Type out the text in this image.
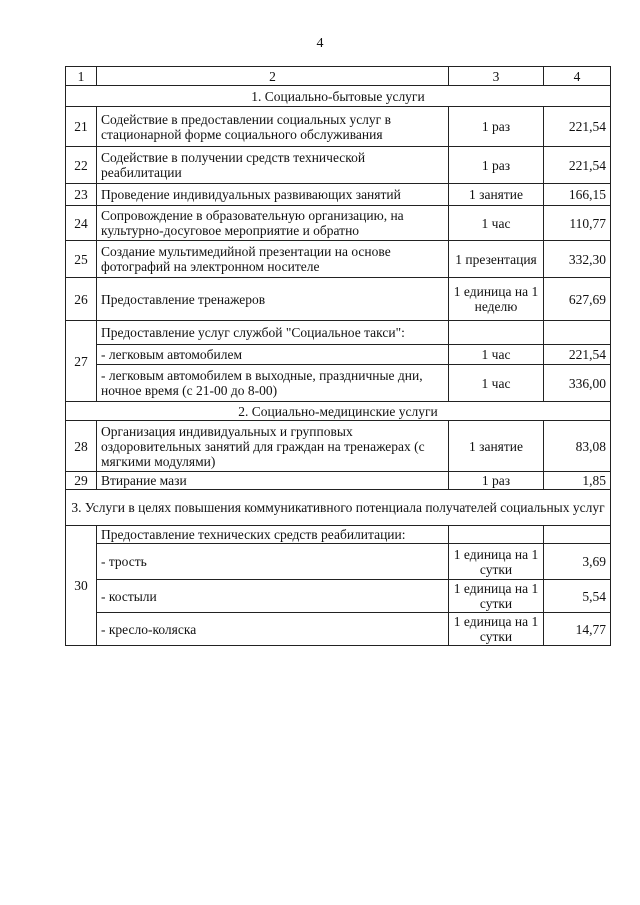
4
1	2	3	4
1. Социально-бытовые услуги			
21	Содействие в предоставлении социальных услуг в стационарной форме социального обслуживания	1 раз	221,54
22	Содействие в получении средств технической реабилитации	1 раз	221,54
23	Проведение индивидуальных развивающих занятий	1 занятие	166,15
24	Сопровождение в образовательную организацию, на культурно-досуговое мероприятие и обратно	1 час	110,77
25	Создание мультимедийной презентации на основе фотографий на электронном носителе	1 презентация	332,30
26	Предоставление тренажеров	1 единица на 1 неделю	627,69
27	Предоставление услуг службой "Социальное такси":		
	- легковым автомобилем	1 час	221,54
	- легковым автомобилем в выходные, праздничные дни, ночное время (с 21-00 до 8-00)	1 час	336,00
2. Социально-медицинские услуги			
28	Организация индивидуальных и групповых оздоровительных занятий для граждан на тренажерах (с мягкими модулями)	1 занятие	83,08
29	Втирание мази	1 раз	1,85
3. Услуги в целях повышения коммуникативного потенциала получателей социальных услуг			
30	Предоставление технических средств реабилитации:		
	- трость	1 единица на 1 сутки	3,69
	- костыли	1 единица на 1 сутки	5,54
	- кресло-коляска	1 единица на 1 сутки	14,77
